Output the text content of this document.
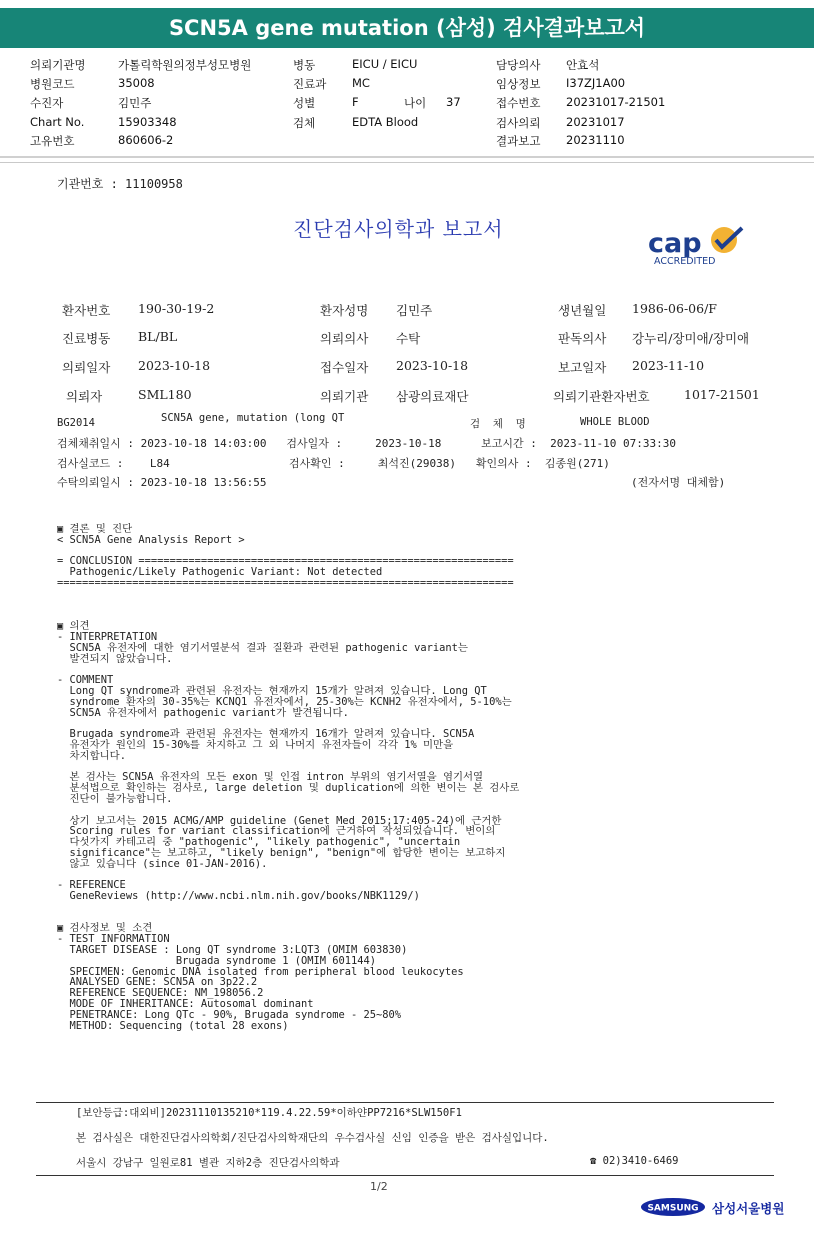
SCN5A gene mutation (삼성) 검사결과보고서
의뢰기관명	가톨릭학원의정부성모병원
병원코드	35008
수진자	김민주
Chart No.	15903348
고유번호	860606-2
병동	EICU / EICU
진료과 MC
성별	F	나이 37
검체	EDTA Blood
담당의사 안효석
임상정보 I37ZJ1A00
접수번호 20231017-21501
검사의뢰 20231017
결과보고 20231110
기관번호 : 11100958
진단검사의학과 보고서	cap
ACCREDITED
환자번호 190-30-19-2	환자성명 김민주	생년월일 1986-06-06/F
진료병동 BL/BL	의뢰의사 수탁	판독의사 강누리/장미애/장미애
의뢰일자 2023-10-18	접수일자 2023-10-18	보고일자 2023-11-10
의뢰자	SML180	의뢰기관 삼광의료재단	의뢰기관환자번호	1017-21501
BG2014	SCN5A gene, mutation (long QT	검  체  명	WHOLE BLOOD
검체채취일시 : 2023-10-18 14:03:00   검사일자 :     2023-10-18      보고시간 :  2023-11-10 07:33:30
검사실코드 :    L84                  검사확인 :     최석진(29038)   확인의사 :  김종원(271)
수탁의뢰일시 : 2023-10-18 13:56:55	(전자서명 대체함)
▣ 결론 및 진단
< SCN5A Gene Analysis Report >
= CONCLUSION ============================================================
Pathogenic/Likely Pathogenic Variant: Not detected
=========================================================================
▣ 의견
- INTERPRETATION
SCN5A 유전자에 대한 염기서열분석 결과 질환과 관련된 pathogenic variant는
발견되지 않았습니다.
- COMMENT
Long QT syndrome과 관련된 유전자는 현재까지 15개가 알려져 있습니다. Long QT
syndrome 환자의 30-35%는 KCNQ1 유전자에서, 25-30%는 KCNH2 유전자에서, 5-10%는
SCN5A 유전자에서 pathogenic variant가 발견됩니다.
Brugada syndrome과 관련된 유전자는 현재까지 16개가 알려져 있습니다. SCN5A
유전자가 원인의 15-30%를 차지하고 그 외 나머지 유전자들이 각각 1% 미만을
차지합니다.
본 검사는 SCN5A 유전자의 모든 exon 및 인접 intron 부위의 염기서열을 염기서열
분석법으로 확인하는 검사로, large deletion 및 duplication에 의한 변이는 본 검사로
진단이 불가능합니다.
상기 보고서는 2015 ACMG/AMP guideline (Genet Med 2015;17:405-24)에 근거한
Scoring rules for variant classification에 근거하여 작성되었습니다. 변이의
다섯가지 카테고리 중 "pathogenic", "likely pathogenic", "uncertain
significance"는 보고하고, "likely benign", "benign"에 합당한 변이는 보고하지
않고 있습니다 (since 01-JAN-2016).
- REFERENCE
GeneReviews (http://www.ncbi.nlm.nih.gov/books/NBK1129/)
▣ 검사정보 및 소견
- TEST INFORMATION
TARGET DISEASE : Long QT syndrome 3:LQT3 (OMIM 603830)
Brugada syndrome 1 (OMIM 601144)
SPECIMEN: Genomic DNA isolated from peripheral blood leukocytes
ANALYSED GENE: SCN5A on 3p22.2
REFERENCE SEQUENCE: NM_198056.2
MODE OF INHERITANCE: Autosomal dominant
PENETRANCE: Long QTc - 90%, Brugada syndrome - 25~80%
METHOD: Sequencing (total 28 exons)
[보안등급:대외비]20231110135210*119.4.22.59*이하얀PP7216*SLW150F1
본 검사실은 대한진단검사의학회/진단검사의학재단의 우수검사실 신임 인증을 받은 검사실입니다.
서울시 강남구 일원로81 별관 지하2층 진단검사의학과	☎ 02)3410-6469
1/2
SAMSUNG 삼성서울병원
